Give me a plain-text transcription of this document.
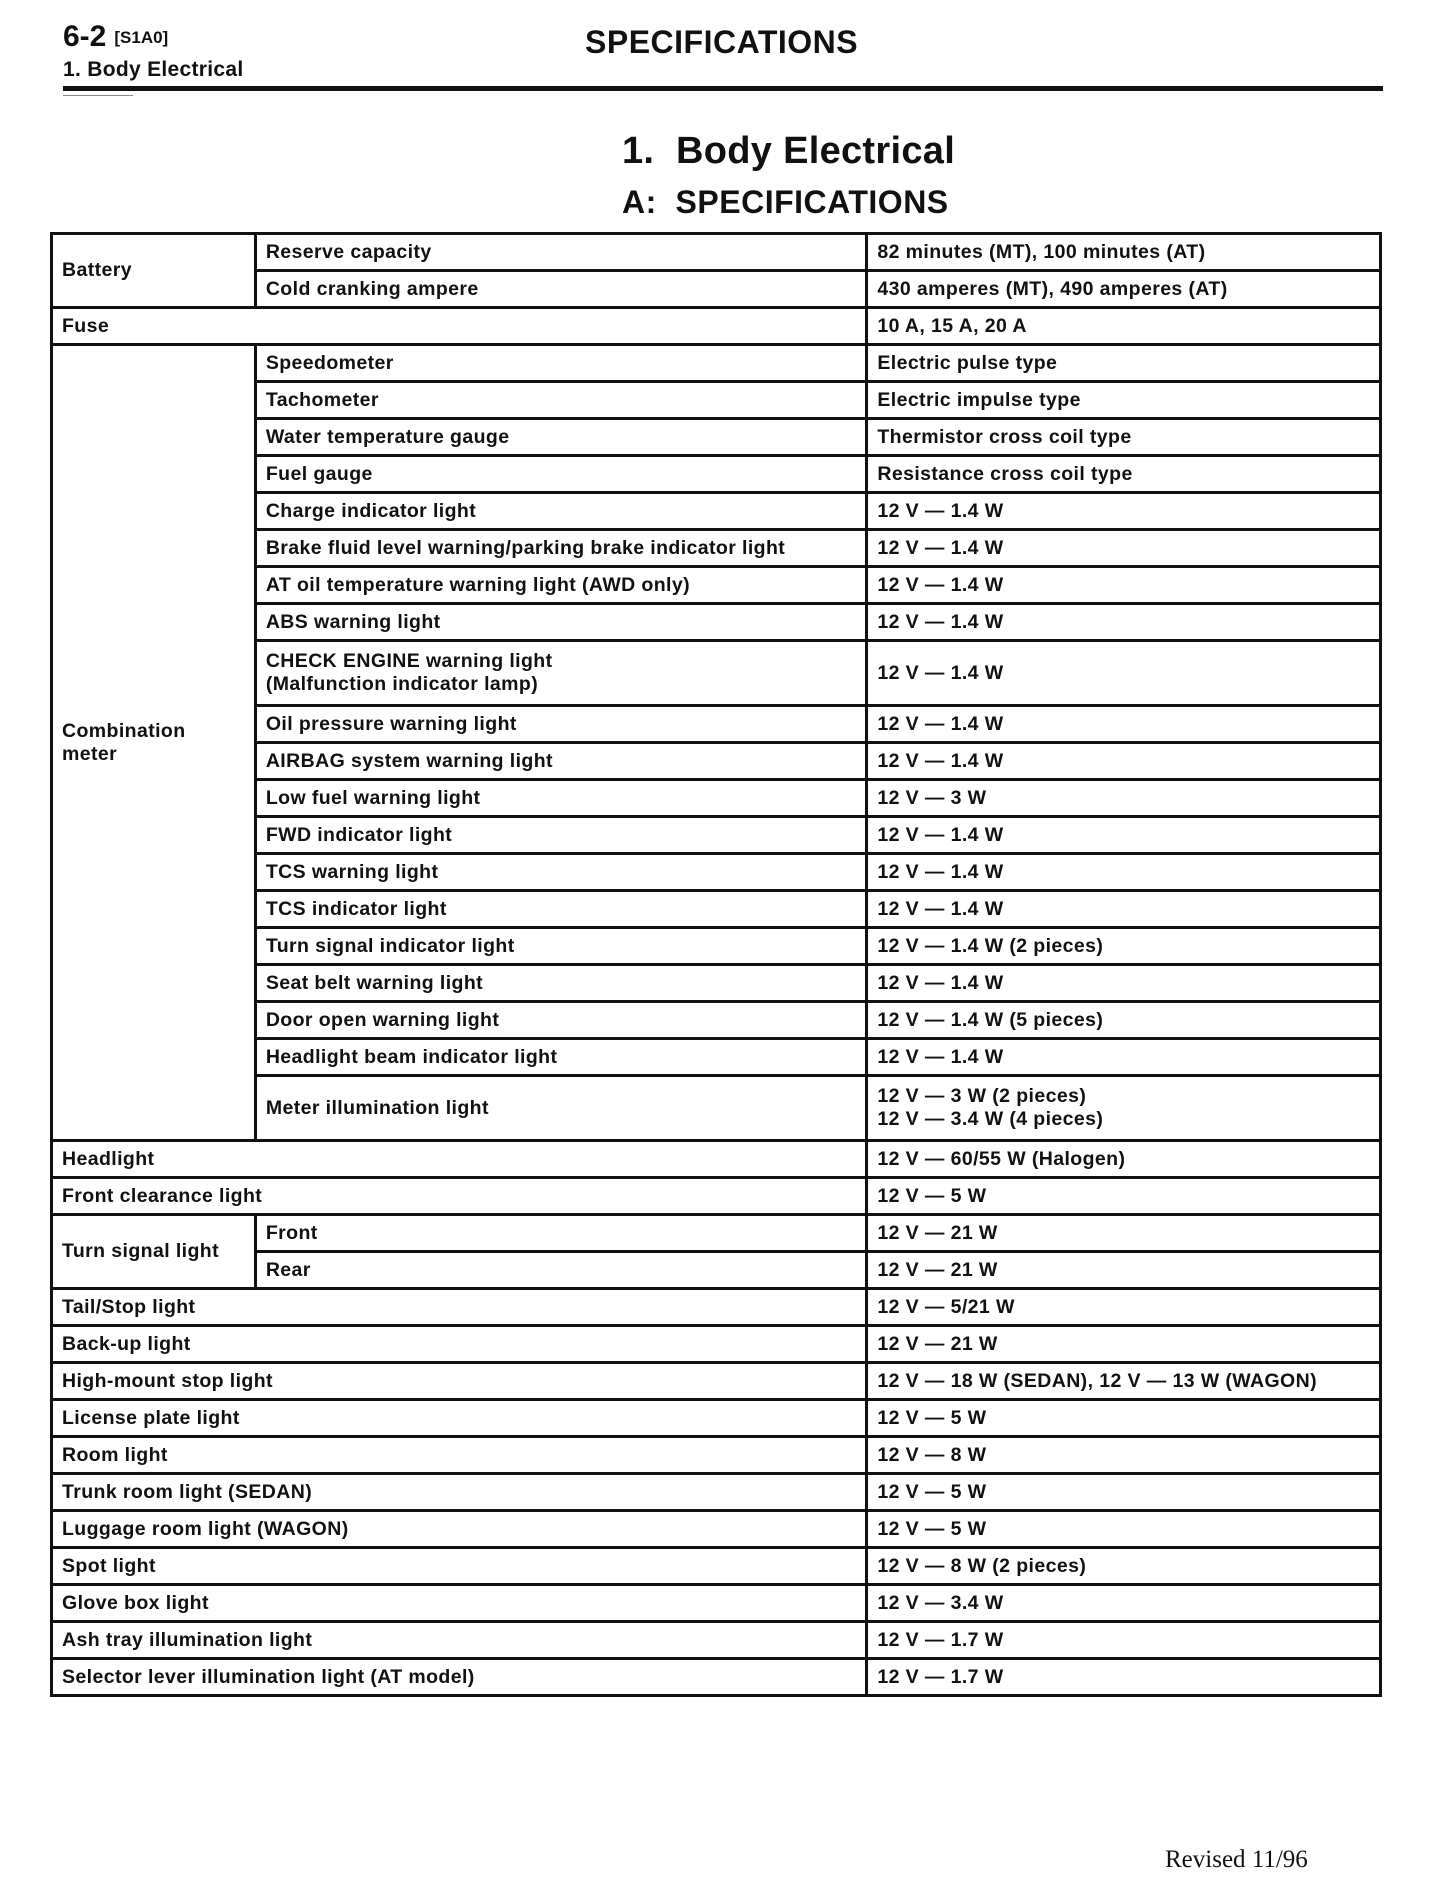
6-2 [S1A0]
1. Body Electrical
SPECIFICATIONS
1.  Body Electrical
A:  SPECIFICATIONS
Battery	Reserve capacity	82 minutes (MT), 100 minutes (AT)
	Cold cranking ampere	430 amperes (MT), 490 amperes (AT)
Fuse		10 A, 15 A, 20 A
Combination
meter	Speedometer	Electric pulse type
	Tachometer	Electric impulse type
	Water temperature gauge	Thermistor cross coil type
	Fuel gauge	Resistance cross coil type
	Charge indicator light	12 V — 1.4 W
	Brake fluid level warning/parking brake indicator light	12 V — 1.4 W
	AT oil temperature warning light (AWD only)	12 V — 1.4 W
	ABS warning light	12 V — 1.4 W
	CHECK ENGINE warning light
(Malfunction indicator lamp)	12 V — 1.4 W
	Oil pressure warning light	12 V — 1.4 W
	AIRBAG system warning light	12 V — 1.4 W
	Low fuel warning light	12 V — 3 W
	FWD indicator light	12 V — 1.4 W
	TCS warning light	12 V — 1.4 W
	TCS indicator light	12 V — 1.4 W
	Turn signal indicator light	12 V — 1.4 W (2 pieces)
	Seat belt warning light	12 V — 1.4 W
	Door open warning light	12 V — 1.4 W (5 pieces)
	Headlight beam indicator light	12 V — 1.4 W
	Meter illumination light	12 V — 3 W (2 pieces)
12 V — 3.4 W (4 pieces)
Headlight		12 V — 60/55 W (Halogen)
Front clearance light		12 V — 5 W
Turn signal light	Front	12 V — 21 W
	Rear	12 V — 21 W
Tail/Stop light		12 V — 5/21 W
Back-up light		12 V — 21 W
High-mount stop light		12 V — 18 W (SEDAN), 12 V — 13 W (WAGON)
License plate light		12 V — 5 W
Room light		12 V — 8 W
Trunk room light (SEDAN)		12 V — 5 W
Luggage room light (WAGON)		12 V — 5 W
Spot light		12 V — 8 W (2 pieces)
Glove box light		12 V — 3.4 W
Ash tray illumination light		12 V — 1.7 W
Selector lever illumination light (AT model)		12 V — 1.7 W
Revised 11/96
